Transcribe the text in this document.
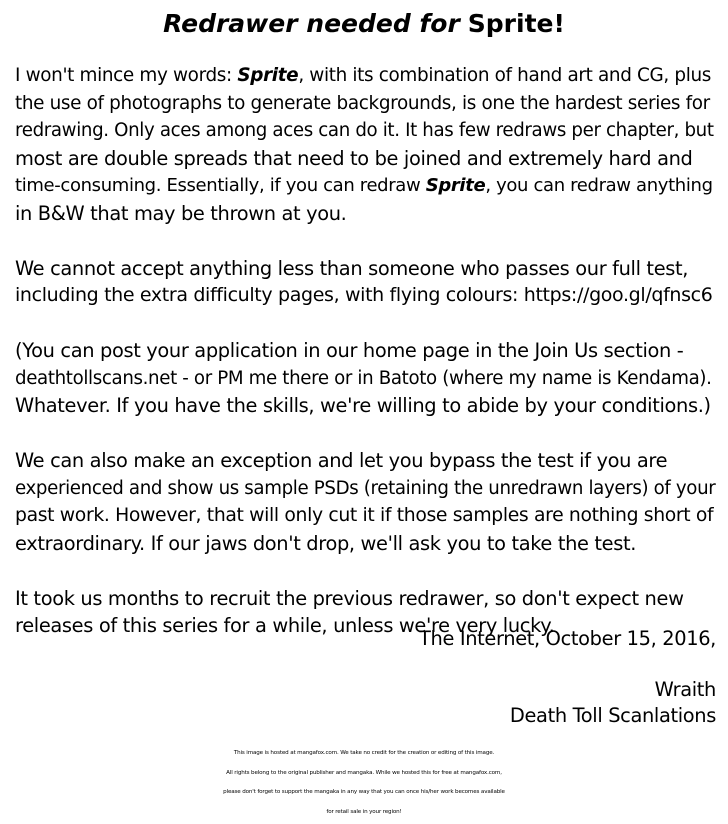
Redrawer needed for Sprite!

I won't mince my words: Sprite, with its combination of hand art and CG, plus
the use of photographs to generate backgrounds, is one the hardest series for
redrawing. Only aces among aces can do it. It has few redraws per chapter, but
most are double spreads that need to be joined and extremely hard and
time-consuming. Essentially, if you can redraw Sprite, you can redraw anything
in B&W that may be thrown at you.

We cannot accept anything less than someone who passes our full test,
including the extra difficulty pages, with flying colours: https://goo.gl/qfnsc6

(You can post your application in our home page in the Join Us section -
deathtollscans.net - or PM me there or in Batoto (where my name is Kendama).
Whatever. If you have the skills, we're willing to abide by your conditions.)

We can also make an exception and let you bypass the test if you are
experienced and show us sample PSDs (retaining the unredrawn layers) of your
past work. However, that will only cut it if those samples are nothing short of
extraordinary. If our jaws don't drop, we'll ask you to take the test.

It took us months to recruit the previous redrawer, so don't expect new
releases of this series for a while, unless we're very lucky.

The Internet, October 15, 2016,
Wraith
Death Toll Scanlations
This image is hosted at mangafox.com. We take no credit for the creation or editing of this image.
All rights belong to the original publisher and mangaka. While we hosted this for free at mangafox.com,
please don't forget to support the mangaka in any way that you can once his/her work becomes available
for retail sale in your region!
